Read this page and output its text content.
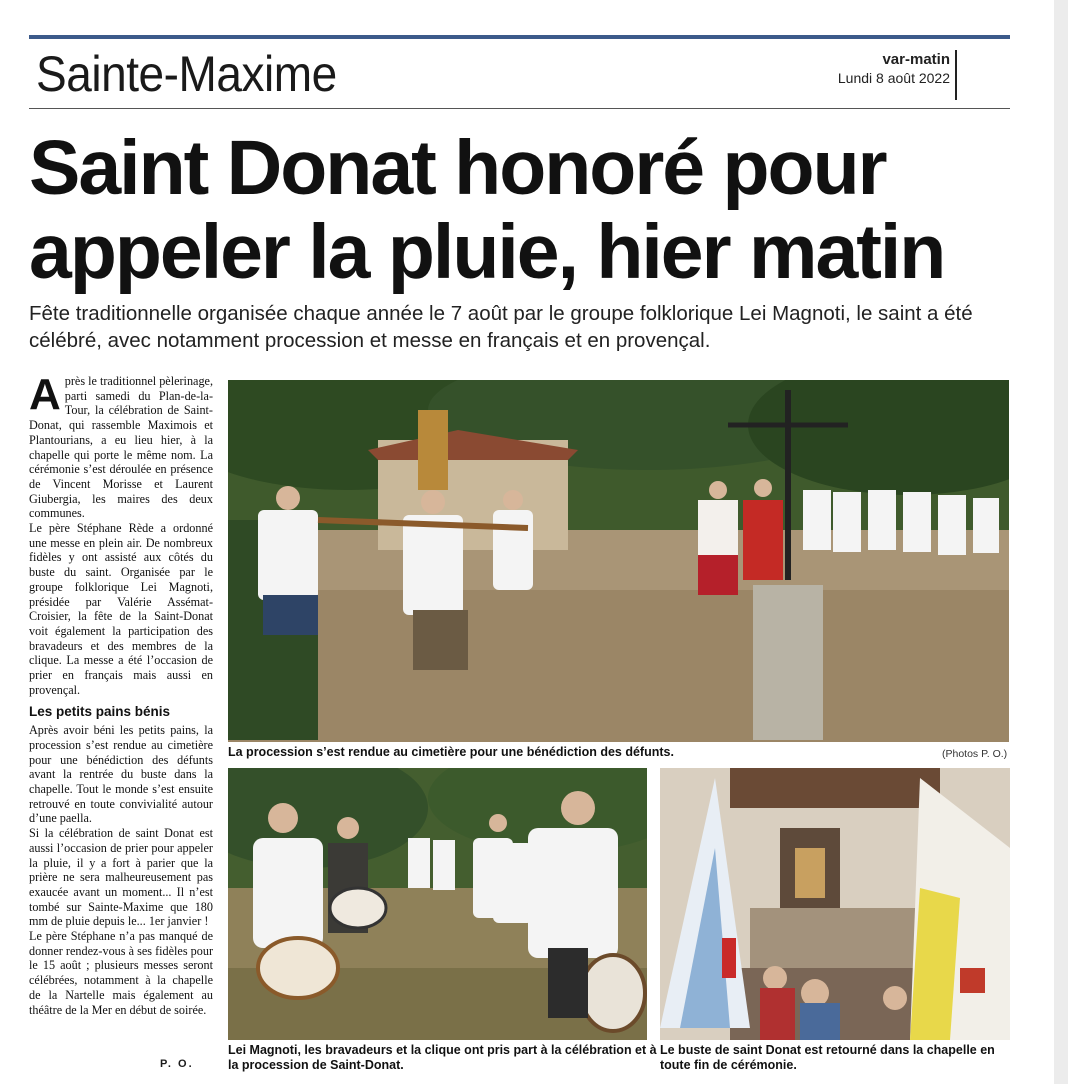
Sainte-Maxime	var-matin
Lundi 8 août 2022
Saint Donat honoré pour
appeler la pluie, hier matin

Fête traditionnelle organisée chaque année le 7 août par le groupe folklorique Lei Magnoti, le saint a été célébré, avec notamment procession et messe en français et en provençal.

Après le traditionnel pèlerinage, parti samedi du Plan-de-la-Tour, la célébration de Saint-Donat, qui rassemble Maximois et Plantourians, a eu lieu hier, à la chapelle qui porte le même nom. La cérémonie s’est déroulée en présence de Vincent Morisse et Laurent Giubergia, les maires des deux communes.

Le père Stéphane Rède a ordonné une messe en plein air. De nombreux fidèles y ont assisté aux côtés du buste du saint. Organisée par le groupe folklorique Lei Magnoti, présidée par Valérie Assémat-Croisier, la fête de la Saint-Donat voit également la participation des bravadeurs et des membres de la clique. La messe a été l’occasion de prier en français mais aussi en provençal.

Les petits pains bénis

Après avoir béni les petits pains, la procession s’est rendue au cimetière pour une bénédiction des défunts avant la rentrée du buste dans la chapelle. Tout le monde s’est ensuite retrouvé en toute convivialité autour d’une paella.

Si la célébration de saint Donat est aussi l’occasion de prier pour appeler la pluie, il y a fort à parier que la prière ne sera malheureusement pas exaucée avant un moment... Il n’est tombé sur Sainte-Maxime que 180 mm de pluie depuis le... 1er janvier !

Le père Stéphane n’a pas manqué de donner rendez-vous à ses fidèles pour le 15 août ; plusieurs messes seront célébrées, notamment à la chapelle de la Nartelle mais également au théâtre de la Mer en début de soirée.

P. O.
La procession s’est rendue au cimetière pour une bénédiction des défunts.	(Photos P. O.)
Lei Magnoti, les bravadeurs et la clique ont pris part à la célébration et à la procession de Saint-Donat.
Le buste de saint Donat est retourné dans la chapelle en toute fin de cérémonie.
